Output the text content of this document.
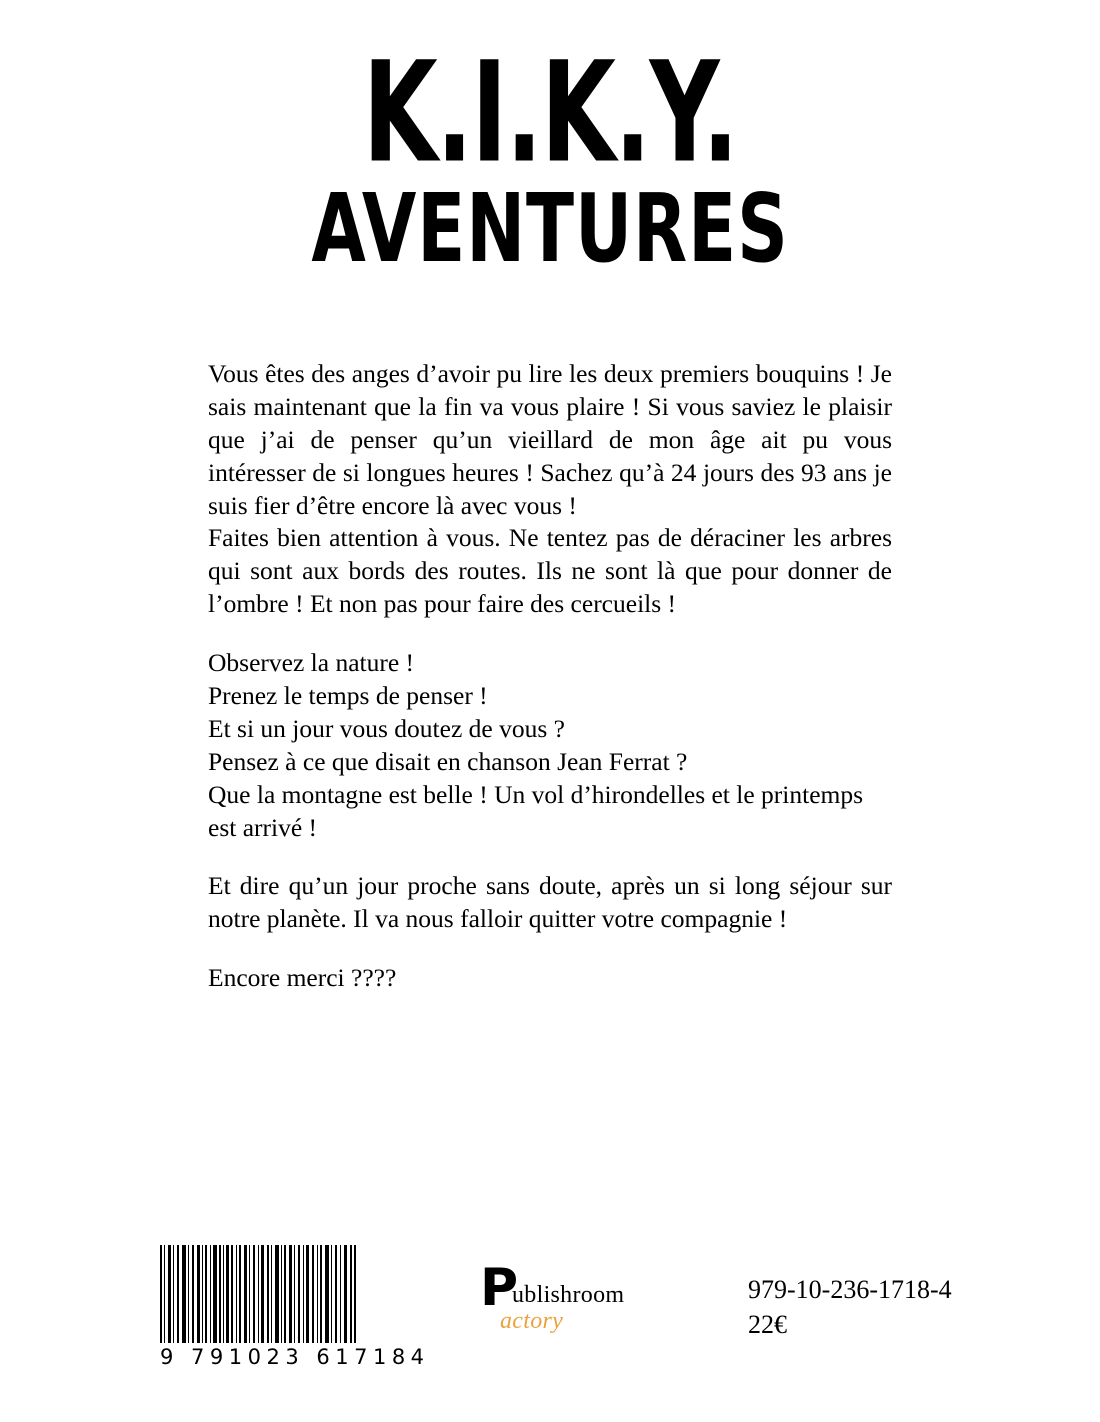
K.I.K.Y.
AVENTURES

Vous êtes des anges d’avoir pu lire les deux premiers bouquins ! Je sais maintenant que la fin va vous plaire ! Si vous saviez le plaisir que j’ai de penser qu’un vieillard de mon âge ait pu vous intéresser de si longues heures ! Sachez qu’à 24 jours des 93 ans je suis fier d’être encore là avec vous !

Faites bien attention à vous. Ne tentez pas de déraciner les arbres qui sont aux bords des routes. Ils ne sont là que pour donner de l’ombre ! Et non pas pour faire des cercueils !

Observez la nature !

Prenez le temps de penser !

Et si un jour vous doutez de vous ?

Pensez à ce que disait en chanson Jean Ferrat ?

Que la montagne est belle ! Un vol d’hirondelles et le printemps est arrivé !

Et dire qu’un jour proche sans doute, après un si long séjour sur notre planète. Il va nous falloir quitter votre compagnie !

Encore merci ????

9 791023 617184
P
ublishroom
actory
979-10-236-1718-4
22€
